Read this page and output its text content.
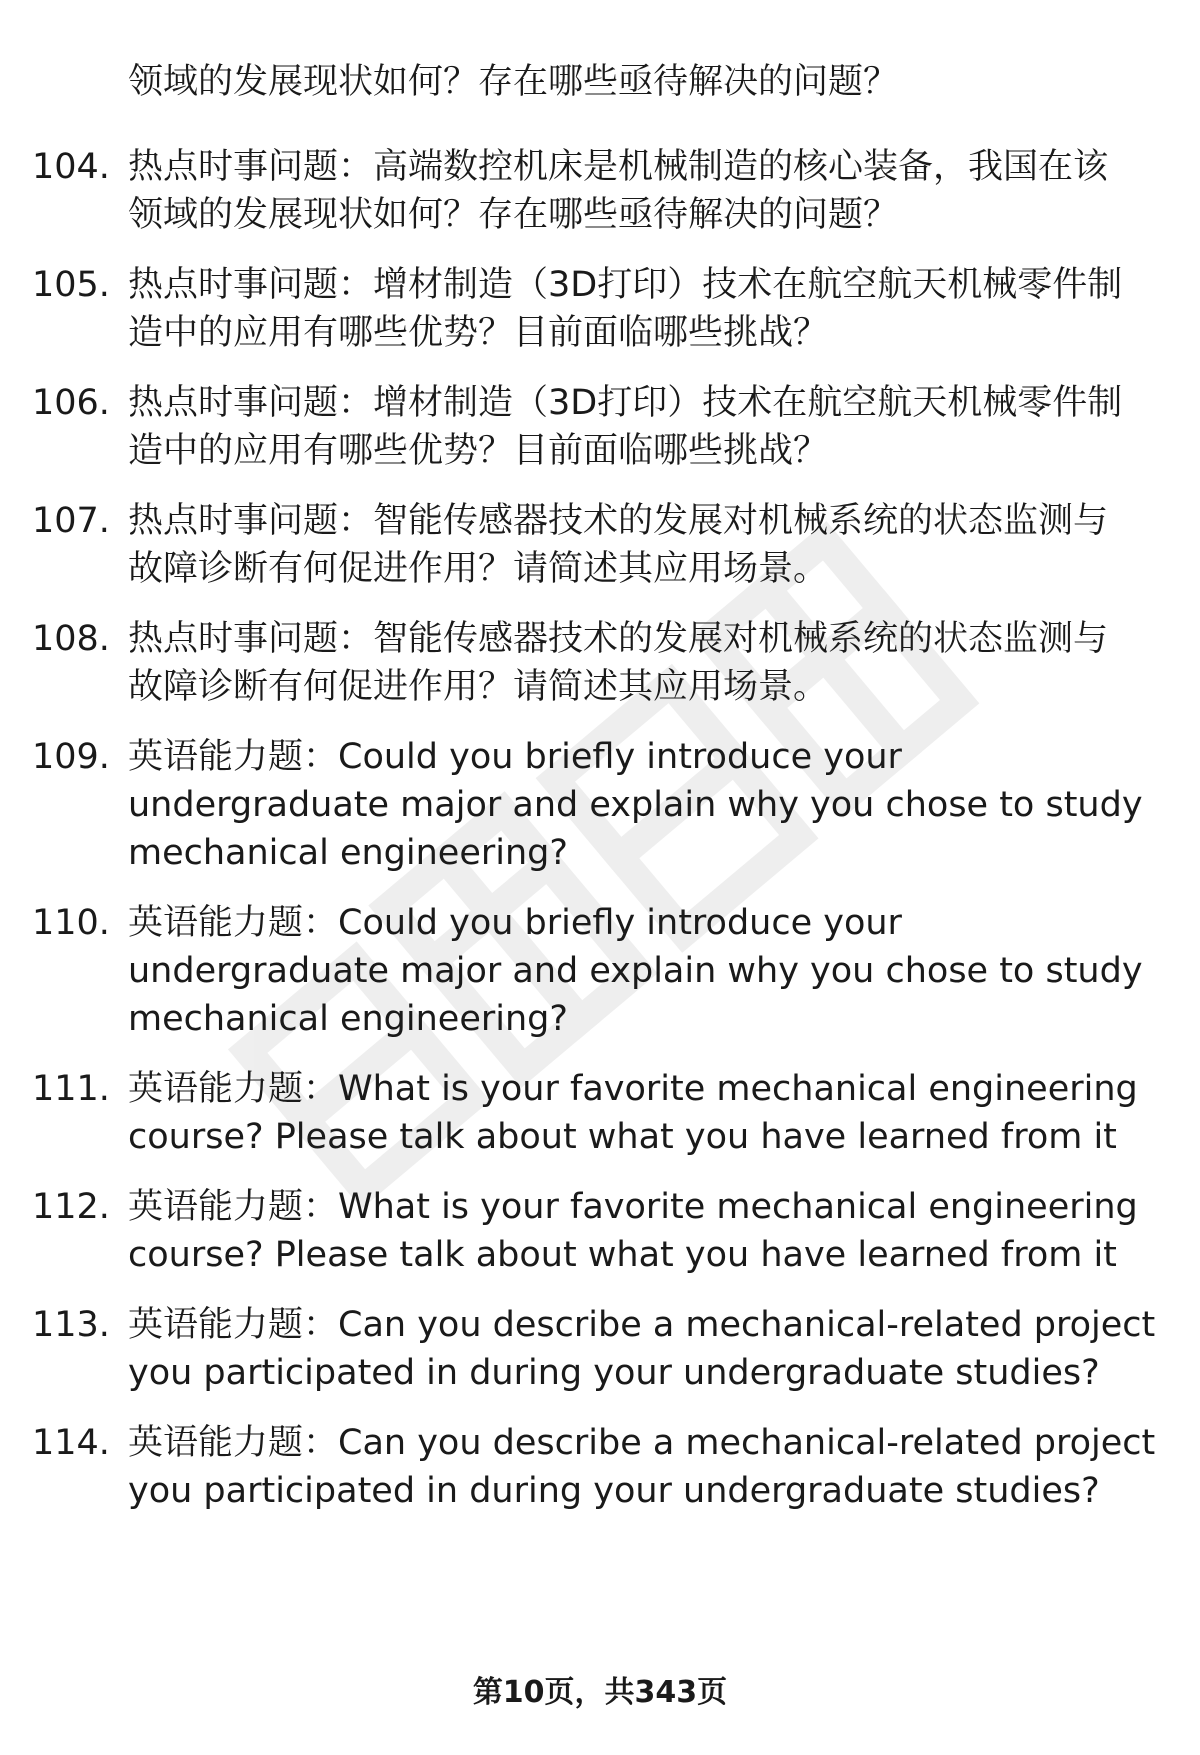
领域的发展现状如何？存在哪些亟待解决的问题？
104. 热点时事问题：高端数控机床是机械制造的核心装备，我国在该
领域的发展现状如何？存在哪些亟待解决的问题？
105. 热点时事问题：增材制造（3D打印）技术在航空航天机械零件制
造中的应用有哪些优势？目前面临哪些挑战？
106. 热点时事问题：增材制造（3D打印）技术在航空航天机械零件制
造中的应用有哪些优势？目前面临哪些挑战？
107. 热点时事问题：智能传感器技术的发展对机械系统的状态监测与
故障诊断有何促进作用？请简述其应用场景。
108. 热点时事问题：智能传感器技术的发展对机械系统的状态监测与
故障诊断有何促进作用？请简述其应用场景。
109. 英语能力题：Could you briefly introduce your
undergraduate major and explain why you chose to study
mechanical engineering?
110. 英语能力题：Could you briefly introduce your
undergraduate major and explain why you chose to study
mechanical engineering?
111. 英语能力题：What is your favorite mechanical engineering
course? Please talk about what you have learned from it
112. 英语能力题：What is your favorite mechanical engineering
course? Please talk about what you have learned from it
113. 英语能力题：Can you describe a mechanical-related project
you participated in during your undergraduate studies?
114. 英语能力题：Can you describe a mechanical-related project
you participated in during your undergraduate studies?
第10页，共343页
